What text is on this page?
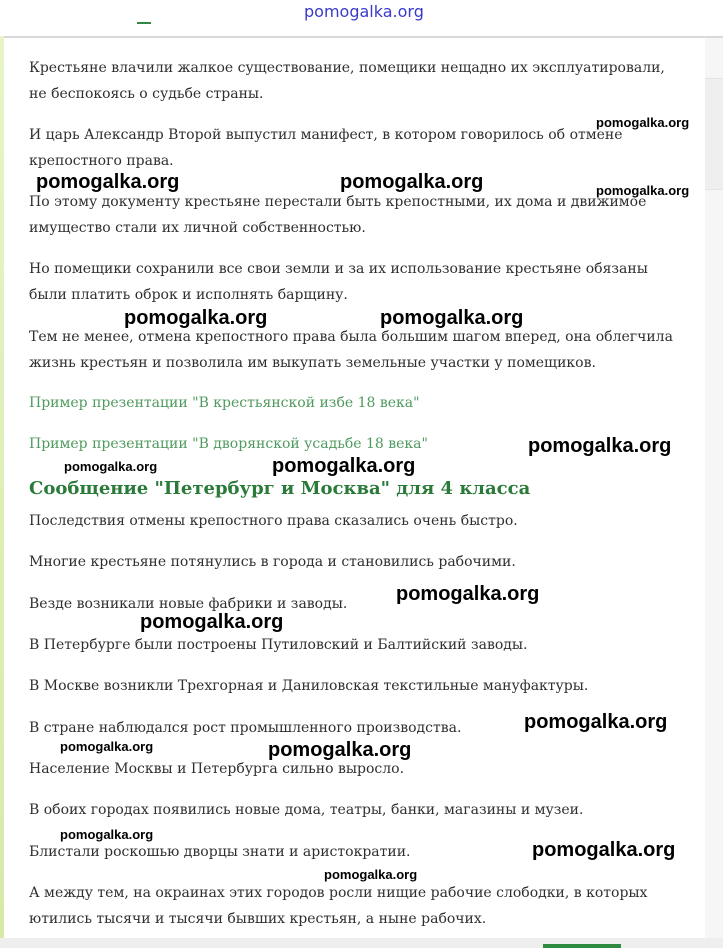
pomogalka.org

Крестьяне влачили жалкое существование, помещики нещадно их эксплуатировали, не беспокоясь о судьбе страны.

И царь Александр Второй выпустил манифест, в котором говорилось об отмене крепостного права.

По этому документу крестьяне перестали быть крепостными, их дома и движимое имущество стали их личной собственностью.

Но помещики сохранили все свои земли и за их использование крестьяне обязаны были платить оброк и исполнять барщину.

Тем не менее, отмена крепостного права была большим шагом вперед, она облегчила жизнь крестьян и позволила им выкупать земельные участки у помещиков.

Пример презентации "В крестьянской избе 18 века"
Пример презентации "В дворянской усадьбе 18 века"
Сообщение "Петербург и Москва" для 4 класса

Последствия отмены крепостного права сказались очень быстро.

Многие крестьяне потянулись в города и становились рабочими.

Везде возникали новые фабрики и заводы.

В Петербурге были построены Путиловский и Балтийский заводы.

В Москве возникли Трехгорная и Даниловская текстильные мануфактуры.

В стране наблюдался рост промышленного производства.

Население Москвы и Петербурга сильно выросло.

В обоих городах появились новые дома, театры, банки, магазины и музеи.

Блистали роскошью дворцы знати и аристократии.

А между тем, на окраинах этих городов росли нищие рабочие слободки, в которых ютились тысячи и тысячи бывших крестьян, а ныне рабочих.

pomogalka.org
pomogalka.org	pomogalka.org	pomogalka.org
pomogalka.org	pomogalka.org
pomogalka.org
pomogalka.org	pomogalka.org
pomogalka.org
pomogalka.org
pomogalka.org
pomogalka.org	pomogalka.org
pomogalka.org
pomogalka.org
pomogalka.org
